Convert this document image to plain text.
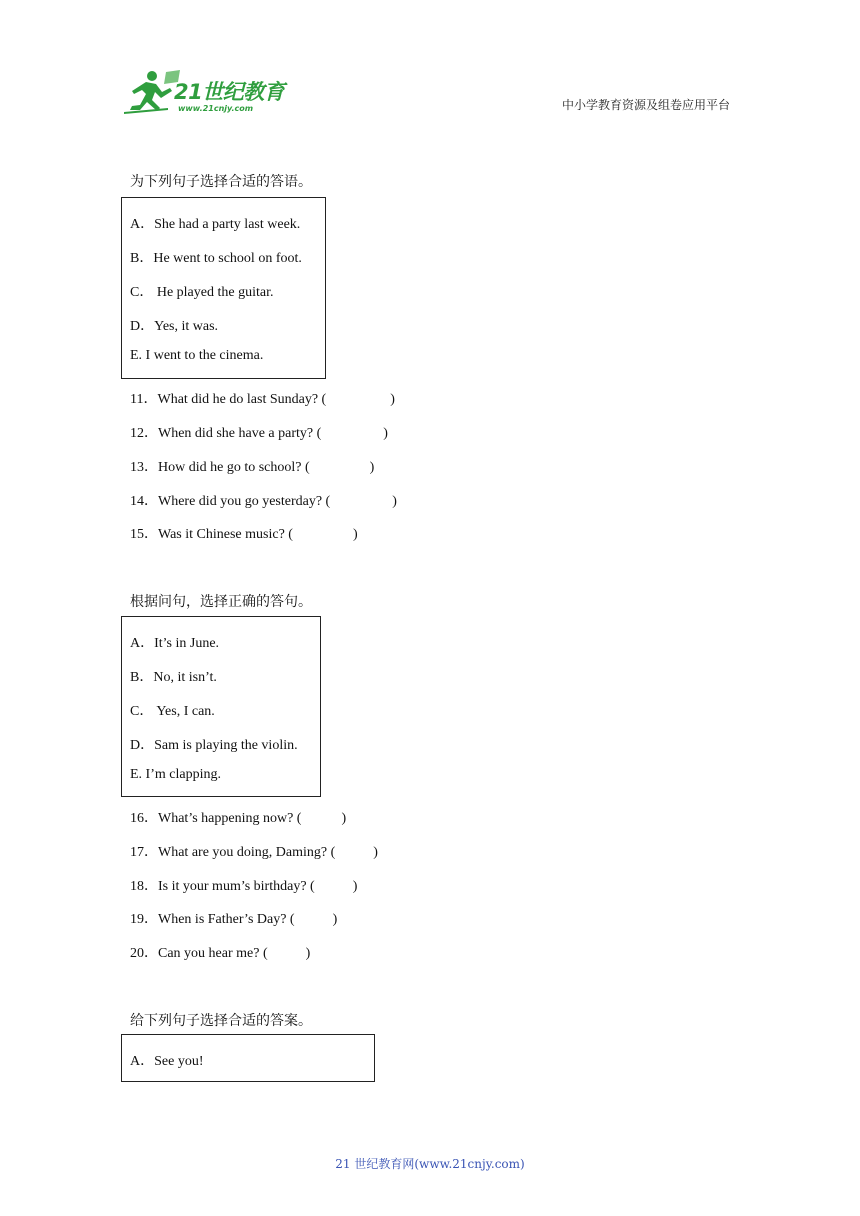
21世纪教育
www.21cnjy.com	中小学教育资源及组卷应用平台
为下列句子选择合适的答语。
A．She had a party last week.
B．He went to school on foot.
C． He played the guitar.
D．Yes, it was.
E. I went to the cinema.
11．What did he do last Sunday? (	)
12．When did she have a party? (	)
13．How did he go to school? (	)
14．Where did you go yesterday? (	)
15．Was it Chinese music? (	)
根据问句，选择正确的答句。
A．It’s in June.
B．No, it isn’t.
C． Yes, I can.
D．Sam is playing the violin.
E. I’m clapping.
16．What’s happening now? (	)
17．What are you doing, Daming? (	)
18．Is it your mum’s birthday? (	)
19．When is Father’s Day? (	)
20．Can you hear me? (	)
给下列句子选择合适的答案。
A．See you!
21 世纪教育网(www.21cnjy.com)
